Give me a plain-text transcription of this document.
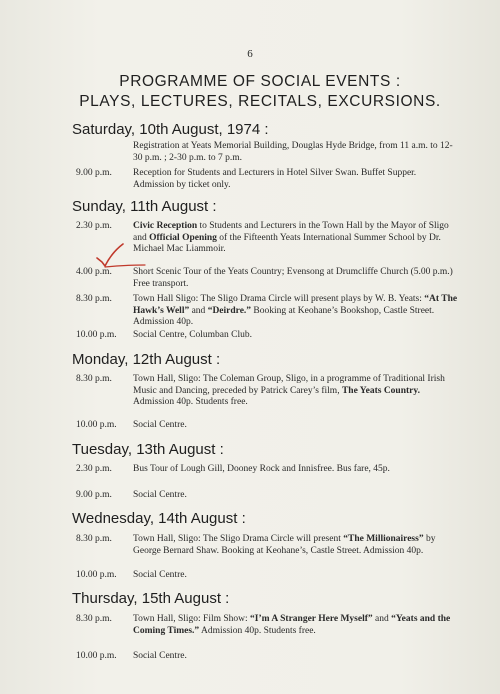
6
PROGRAMME OF SOCIAL EVENTS :
PLAYS, LECTURES, RECITALS, EXCURSIONS.
Saturday, 10th August, 1974 :
Registration at Yeats Memorial Building, Douglas Hyde Bridge, from 11 a.m. to 12-30 p.m. ; 2-30 p.m. to 7 p.m.
9.00 p.m.	Reception for Students and Lecturers in Hotel Silver Swan. Buffet Supper. Admission by ticket only.
Sunday, 11th August :
2.30 p.m.	Civic Reception to Students and Lecturers in the Town Hall by the Mayor of Sligo and Official Opening of the Fifteenth Yeats International Summer School by Dr. Michael Mac Liammoir.
4.00 p.m.	Short Scenic Tour of the Yeats Country; Evensong at Drumcliffe Church (5.00 p.m.) Free transport.
8.30 p.m.	Town Hall Sligo: The Sligo Drama Circle will present plays by W. B. Yeats: “At The Hawk’s Well” and “Deirdre.” Booking at Keohane’s Bookshop, Castle Street. Admission 40p.
10.00 p.m.	Social Centre, Columban Club.
Monday, 12th August :
8.30 p.m.	Town Hall, Sligo: The Coleman Group, Sligo, in a programme of Traditional Irish Music and Dancing, preceded by Patrick Carey’s film, The Yeats Country. Admission 40p. Students free.
10.00 p.m.	Social Centre.
Tuesday, 13th August :
2.30 p.m.	Bus Tour of Lough Gill, Dooney Rock and Innisfree. Bus fare, 45p.
9.00 p.m.	Social Centre.
Wednesday, 14th August :
8.30 p.m.	Town Hall, Sligo: The Sligo Drama Circle will present “The Millionairess” by George Bernard Shaw. Booking at Keohane’s, Castle Street. Admission 40p.
10.00 p.m.	Social Centre.
Thursday, 15th August :
8.30 p.m.	Town Hall, Sligo: Film Show: “I’m A Stranger Here Myself” and “Yeats and the Coming Times.” Admission 40p. Students free.
10.00 p.m.	Social Centre.
